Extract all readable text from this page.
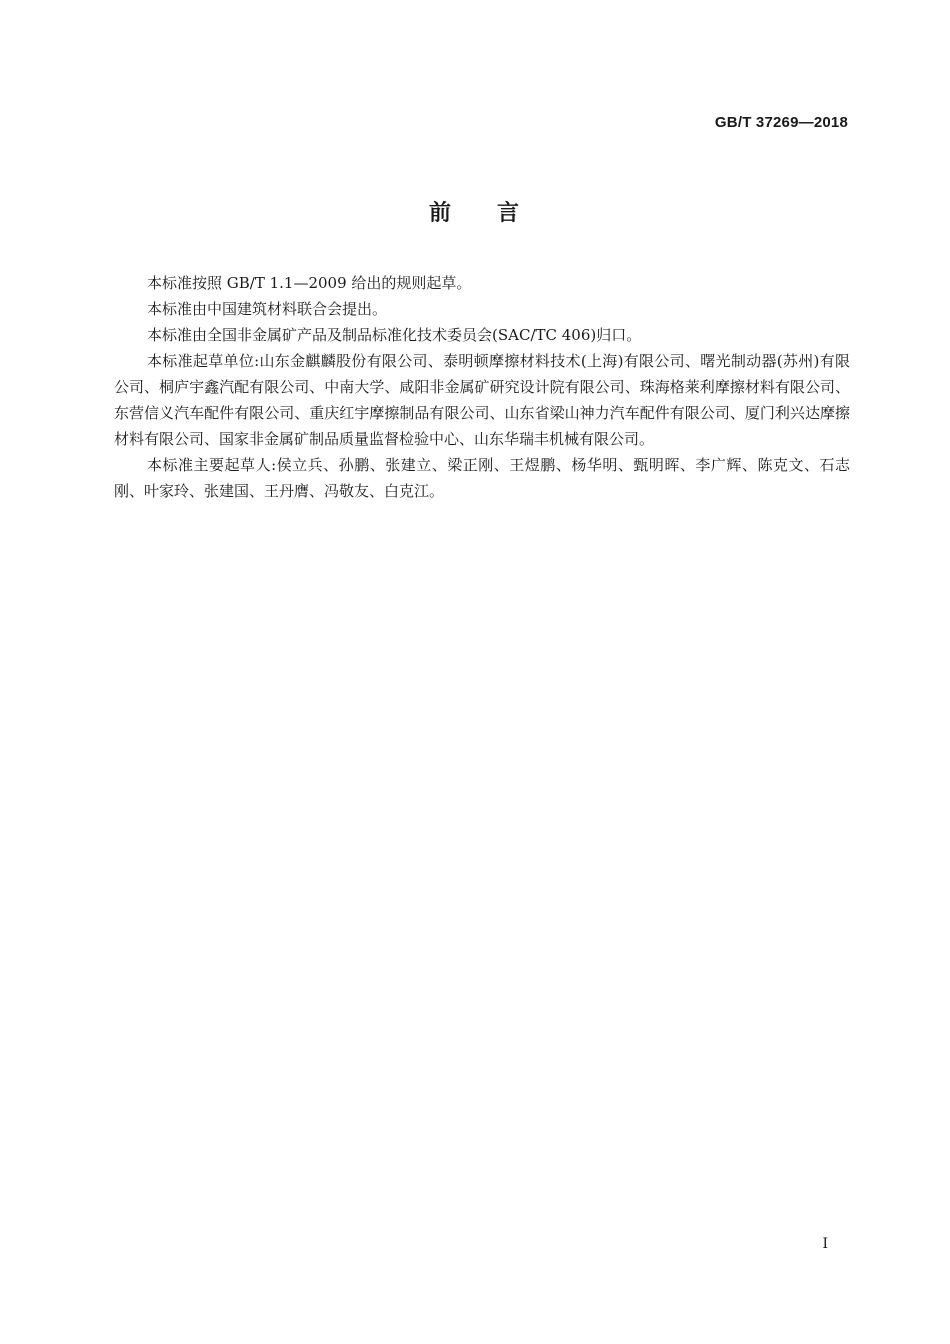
GB/T 37269—2018
前 言

本标准按照 GB/T 1.1—2009 给出的规则起草。

本标准由中国建筑材料联合会提出。

本标准由全国非金属矿产品及制品标准化技术委员会(SAC/TC 406)归口。

本标准起草单位:山东金麒麟股份有限公司、泰明顿摩擦材料技术(上海)有限公司、曙光制动器(苏州)有限公司、桐庐宇鑫汽配有限公司、中南大学、咸阳非金属矿研究设计院有限公司、珠海格莱利摩擦材料有限公司、东营信义汽车配件有限公司、重庆红宇摩擦制品有限公司、山东省梁山神力汽车配件有限公司、厦门利兴达摩擦材料有限公司、国家非金属矿制品质量监督检验中心、山东华瑞丰机械有限公司。

本标准主要起草人:侯立兵、孙鹏、张建立、梁正刚、王煜鹏、杨华明、甄明晖、李广辉、陈克文、石志刚、叶家玲、张建国、王丹膺、冯敬友、白克江。

I
